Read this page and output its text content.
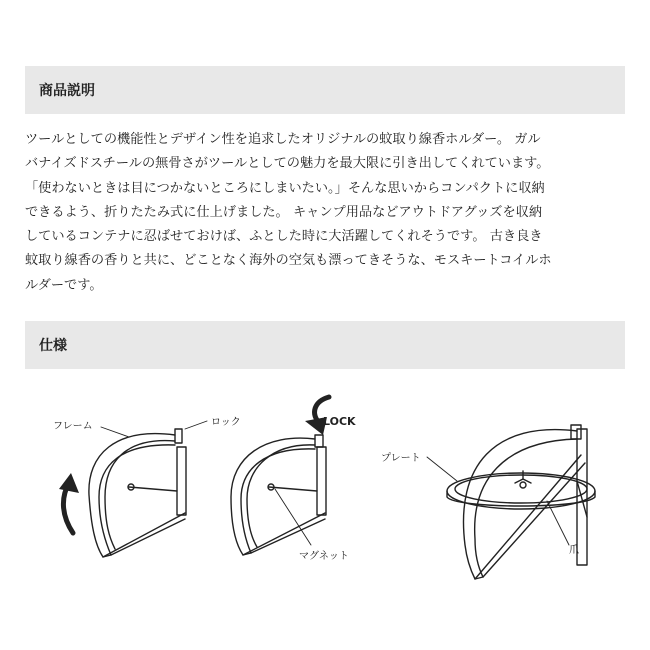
商品説明
ツールとしての機能性とデザイン性を追求したオリジナルの蚊取り線香ホルダー。 ガル
バナイズドスチールの無骨さがツールとしての魅力を最大限に引き出してくれています。
「使わないときは目につかないところにしまいたい。」そんな思いからコンパクトに収納
できるよう、折りたたみ式に仕上げました。 キャンプ用品などアウトドアグッズを収納
しているコンテナに忍ばせておけば、ふとした時に大活躍してくれそうです。 古き良き
蚊取り線香の香りと共に、どことなく海外の空気も漂ってきそうな、モスキートコイルホ
ルダーです。
仕様
フレーム	ロック	LOCK
マグネット
プレート
爪
